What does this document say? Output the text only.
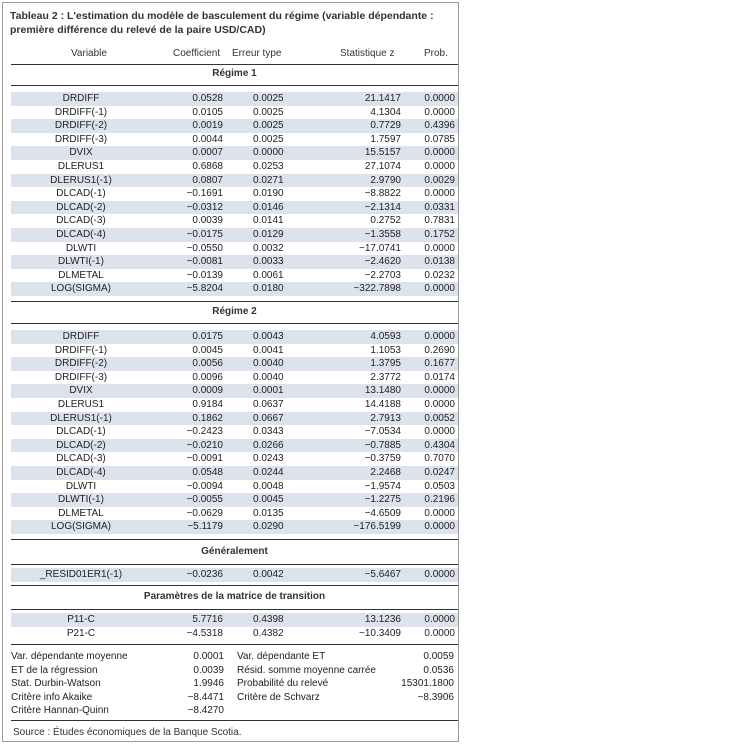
Tableau 2 : L'estimation du modèle de basculement du régime (variable dépendante : première différence du relevé de la paire USD/CAD)
Variable	Coefficient Erreur type	Statistique z	Prob.
Régime 1
DRDIFF	0.0528	0.0025	21.1417 0.0000
DRDIFF(-1)	0.0105	0.0025	4.1304 0.0000
DRDIFF(-2)	0.0019	0.0025	0.7729 0.4396
DRDIFF(-3)	0.0044	0.0025	1.7597 0.0785
DVIX	0.0007	0.0000	15.5157 0.0000
DLERUS1	0.6868	0.0253	27.1074 0.0000
DLERUS1(-1)	0.0807	0.0271	2.9790 0.0029
DLCAD(-1)	−0.1691	0.0190	−8.8822 0.0000
DLCAD(-2)	−0.0312	0.0146	−2.1314 0.0331
DLCAD(-3)	0.0039	0.0141	0.2752 0.7831
DLCAD(-4)	−0.0175	0.0129	−1.3558 0.1752
DLWTI	−0.0550	0.0032	−17.0741 0.0000
DLWTI(-1)	−0.0081	0.0033	−2.4620 0.0138
DLMETAL	−0.0139	0.0061	−2.2703 0.0232
LOG(SIGMA)	−5.8204	0.0180	−322.7898 0.0000
Régime 2
DRDIFF	0.0175	0.0043	4.0593 0.0000
DRDIFF(-1)	0.0045	0.0041	1.1053 0.2690
DRDIFF(-2)	0.0056	0.0040	1.3795 0.1677
DRDIFF(-3)	0.0096	0.0040	2.3772 0.0174
DVIX	0.0009	0.0001	13.1480 0.0000
DLERUS1	0.9184	0.0637	14.4188 0.0000
DLERUS1(-1)	0.1862	0.0667	2.7913 0.0052
DLCAD(-1)	−0.2423	0.0343	−7.0534 0.0000
DLCAD(-2)	−0.0210	0.0266	−0.7885 0.4304
DLCAD(-3)	−0.0091	0.0243	−0.3759 0.7070
DLCAD(-4)	0.0548	0.0244	2.2468 0.0247
DLWTI	−0.0094	0.0048	−1.9574 0.0503
DLWTI(-1)	−0.0055	0.0045	−1.2275 0.2196
DLMETAL	−0.0629	0.0135	−4.6509 0.0000
LOG(SIGMA)	−5.1179	0.0290	−176.5199 0.0000
Généralement
_RESID01ER1(-1)	−0.0236	0.0042	−5.6467 0.0000
Paramètres de la matrice de transition
P11-C	5.7716	0.4398	13.1236 0.0000
P21-C	−4.5318	0.4382	−10.3409 0.0000
Var. dépendante moyenne	0.0001
ET de la régression	0.0039
Stat. Durbin-Watson	1.9946
Critère info Akaike	−8.4471
Critère Hannan-Quinn	−8.4270
Var. dépendante ET	0.0059
Résid. somme moyenne carrée	0.0536
Probabilité du relevé	15301.1800
Critère de Schvarz	−8.3906
Source : Études économiques de la Banque Scotia.
